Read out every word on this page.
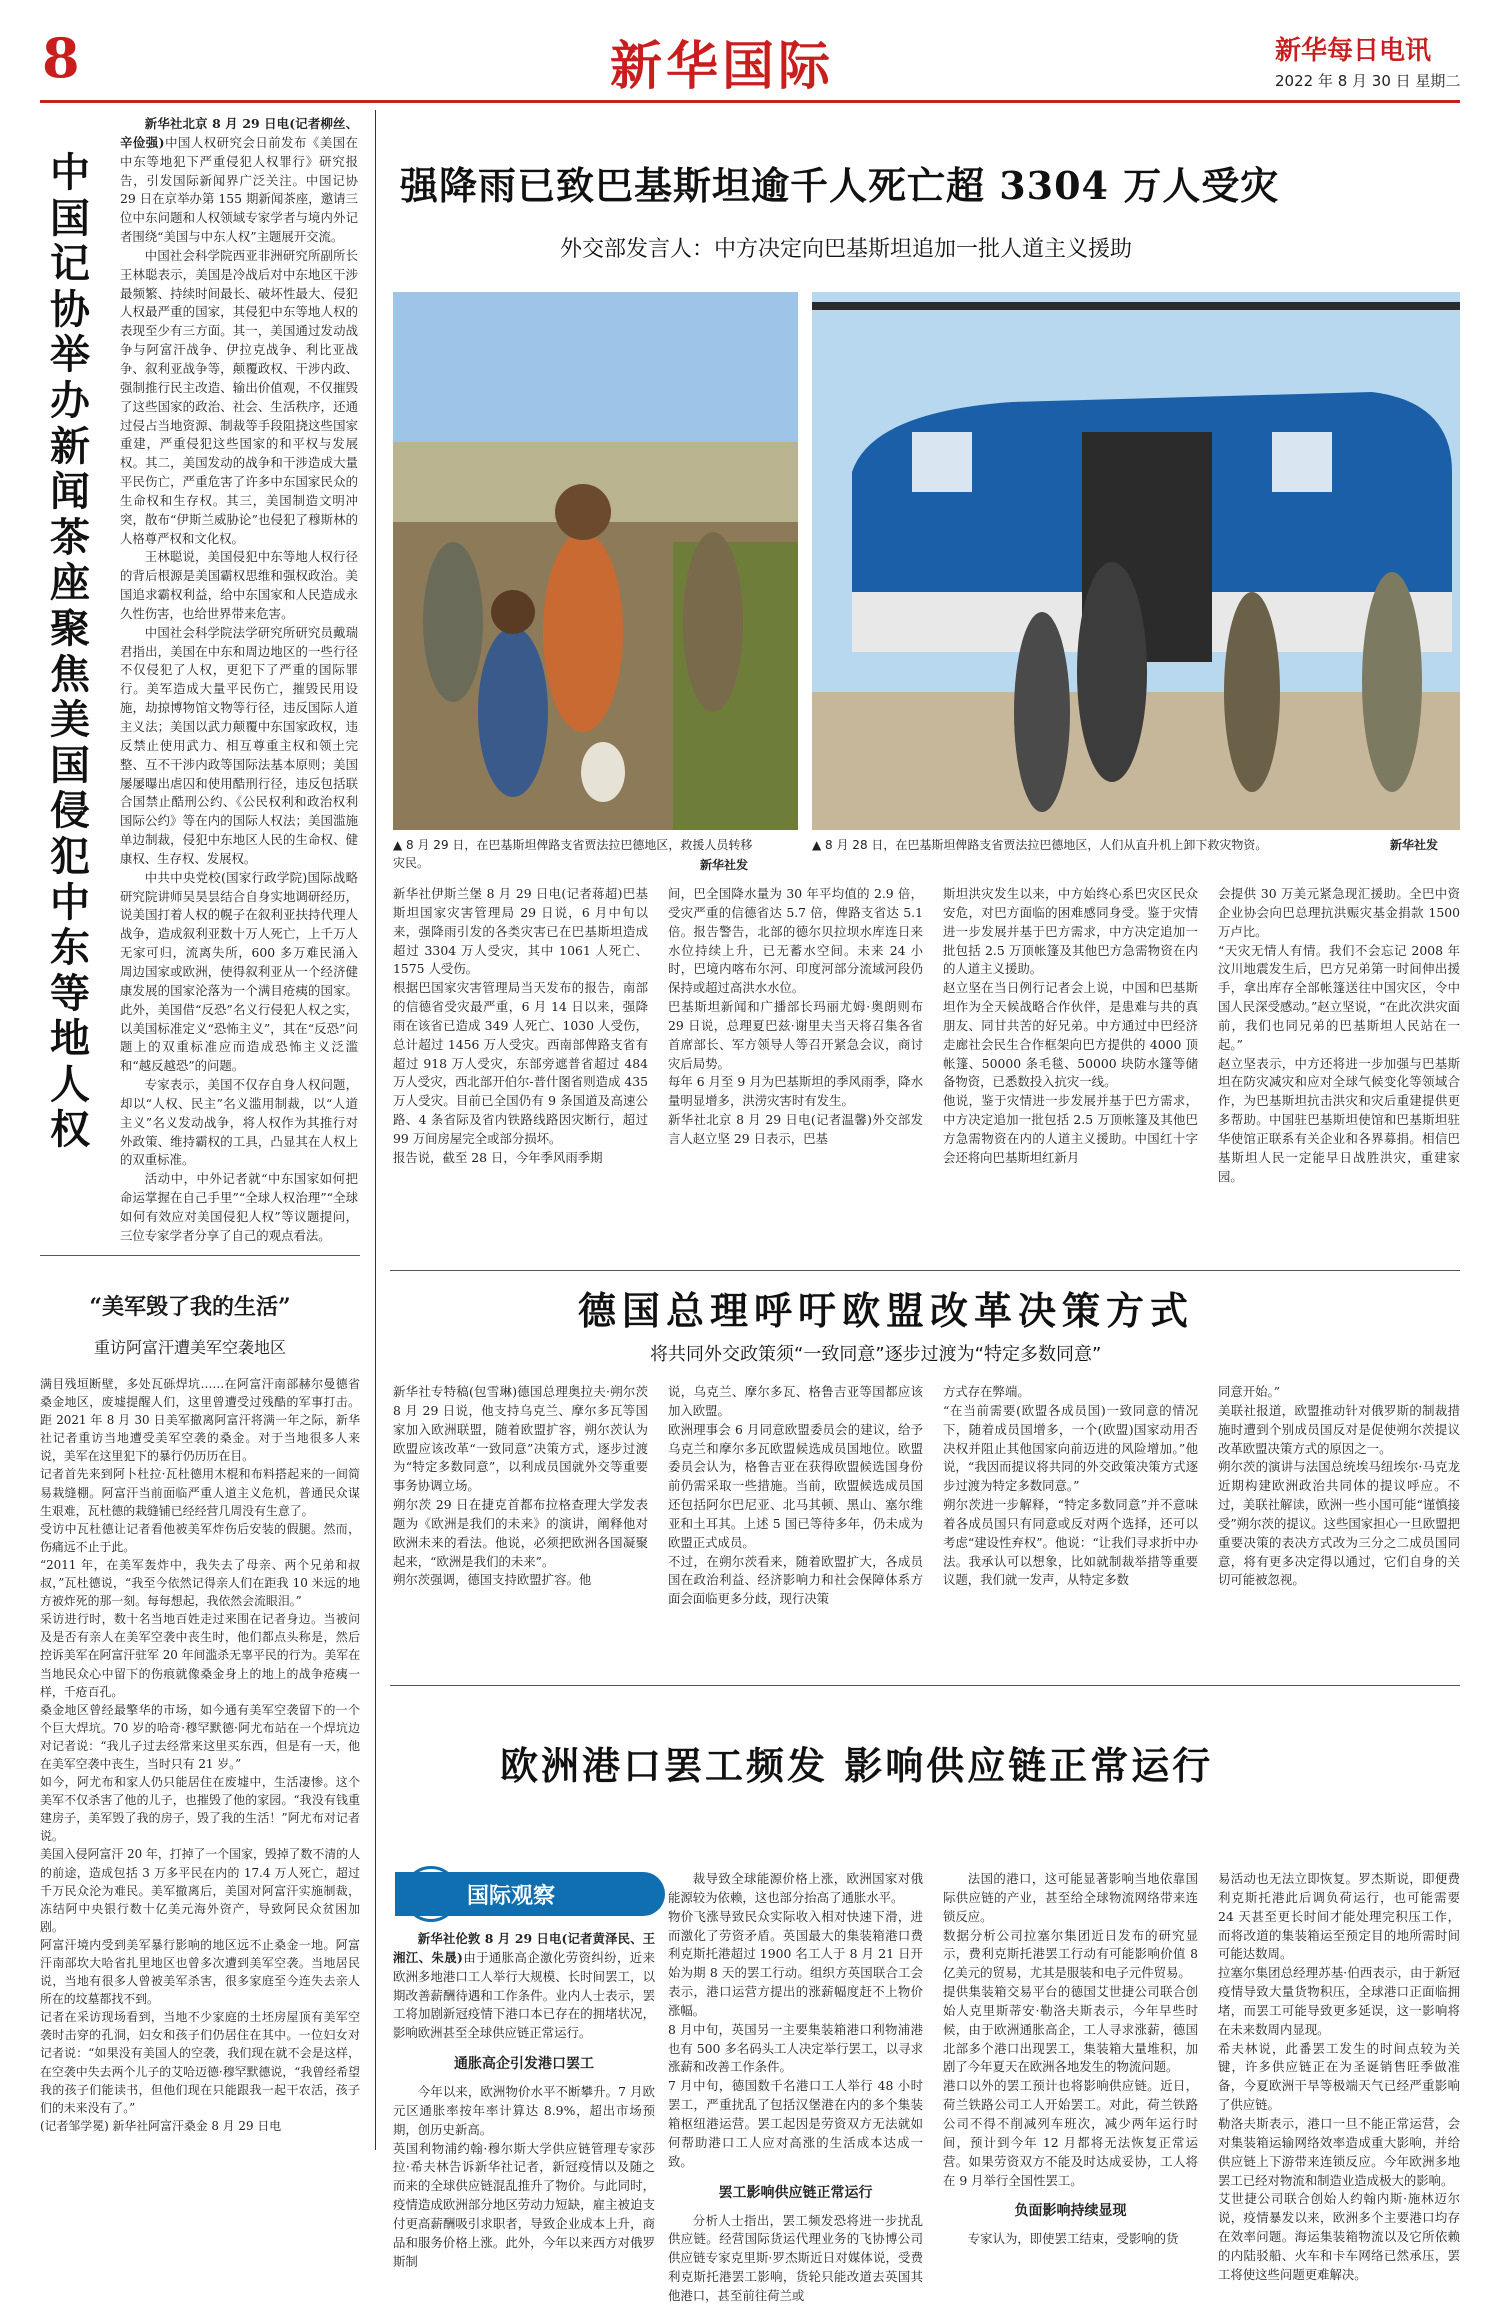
8	新华国际	新华每日电讯
2022 年 8 月 30 日 星期二
中国记协举办新闻茶座聚焦美国侵犯中东等地人权

新华社北京 8 月 29 日电(记者柳丝、辛俭强)中国人权研究会日前发布《美国在中东等地犯下严重侵犯人权罪行》研究报告，引发国际新闻界广泛关注。中国记协 29 日在京举办第 155 期新闻茶座，邀请三位中东问题和人权领域专家学者与境内外记者围绕“美国与中东人权”主题展开交流。

中国社会科学院西亚非洲研究所副所长王林聪表示，美国是冷战后对中东地区干涉最频繁、持续时间最长、破坏性最大、侵犯人权最严重的国家，其侵犯中东等地人权的表现至少有三方面。其一，美国通过发动战争与阿富汗战争、伊拉克战争、利比亚战争、叙利亚战争等，颠覆政权、干涉内政、强制推行民主改造、输出价值观，不仅摧毁了这些国家的政治、社会、生活秩序，还通过侵占当地资源、制裁等手段阻挠这些国家重建，严重侵犯这些国家的和平权与发展权。其二，美国发动的战争和干涉造成大量平民伤亡，严重危害了许多中东国家民众的生命权和生存权。其三，美国制造文明冲突，散布“伊斯兰威胁论”也侵犯了穆斯林的人格尊严权和文化权。

王林聪说，美国侵犯中东等地人权行径的背后根源是美国霸权思维和强权政治。美国追求霸权利益，给中东国家和人民造成永久性伤害，也给世界带来危害。

中国社会科学院法学研究所研究员戴瑞君指出，美国在中东和周边地区的一些行径不仅侵犯了人权，更犯下了严重的国际罪行。美军造成大量平民伤亡，摧毁民用设施，劫掠博物馆文物等行径，违反国际人道主义法；美国以武力颠覆中东国家政权，违反禁止使用武力、相互尊重主权和领土完整、互不干涉内政等国际法基本原则；美国屡屡曝出虐囚和使用酷刑行径，违反包括联合国禁止酷刑公约、《公民权利和政治权利国际公约》等在内的国际人权法；美国滥施单边制裁，侵犯中东地区人民的生命权、健康权、生存权、发展权。

中共中央党校(国家行政学院)国际战略研究院讲师吴昊昙结合自身实地调研经历，说美国打着人权的幌子在叙利亚扶持代理人战争，造成叙利亚数十万人死亡，上千万人无家可归，流离失所，600 多万难民涌入周边国家或欧洲，使得叙利亚从一个经济健康发展的国家沦落为一个满目疮痍的国家。此外，美国借“反恐”名义行侵犯人权之实，以美国标准定义“恐怖主义”，其在“反恐”问题上的双重标准应而造成恐怖主义泛滥和“越反越恐”的问题。

专家表示，美国不仅存自身人权问题，却以“人权、民主”名义滥用制裁，以“人道主义”名义发动战争，将人权作为其推行对外政策、维持霸权的工具，凸显其在人权上的双重标准。

活动中，中外记者就“中东国家如何把命运掌握在自己手里”“全球人权治理”“全球如何有效应对美国侵犯人权”等议题提问，三位专家学者分享了自己的观点看法。

强降雨已致巴基斯坦逾千人死亡超 3304 万人受灾
外交部发言人：中方决定向巴基斯坦追加一批人道主义援助
▲ 8 月 29 日，在巴基斯坦俾路支省贾法拉巴德地区，救援人员转移灾民。	新华社发
▲ 8 月 28 日，在巴基斯坦俾路支省贾法拉巴德地区，人们从直升机上卸下救灾物资。	新华社发
新华社伊斯兰堡 8 月 29 日电(记者蒋超)巴基斯坦国家灾害管理局 29 日说，6 月中旬以来，强降雨引发的各类灾害已在巴基斯坦造成超过 3304 万人受灾，其中 1061 人死亡、1575 人受伤。
根据巴国家灾害管理局当天发布的报告，南部的信德省受灾最严重，6 月 14 日以来，强降雨在该省已造成 349 人死亡、1030 人受伤，总计超过 1456 万人受灾。西南部俾路支省有超过 918 万人受灾，东部旁遮普省超过 484 万人受灾，西北部开伯尔-普什图省则造成 435 万人受灾。目前已全国仍有 9 条国道及高速公路、4 条省际及省内铁路线路因灾断行，超过 99 万间房屋完全或部分损坏。
报告说，截至 28 日，今年季风雨季期
间，巴全国降水量为 30 年平均值的 2.9 倍，受灾严重的信德省达 5.7 倍，俾路支省达 5.1 倍。报告警告，北部的德尔贝拉坝水库连日来水位持续上升，已无蓄水空间。未来 24 小时，巴境内喀布尔河、印度河部分流域河段仍保持或超过高洪水水位。
巴基斯坦新闻和广播部长玛丽尤姆·奥朗则布 29 日说，总理夏巴兹·谢里夫当天将召集各省首席部长、军方领导人等召开紧急会议，商讨灾后局势。
每年 6 月至 9 月为巴基斯坦的季风雨季，降水量明显增多，洪涝灾害时有发生。
新华社北京 8 月 29 日电(记者温馨)外交部发言人赵立坚 29 日表示，巴基
斯坦洪灾发生以来，中方始终心系巴灾区民众安危，对巴方面临的困难感同身受。鉴于灾情进一步发展并基于巴方需求，中方决定追加一批包括 2.5 万顶帐篷及其他巴方急需物资在内的人道主义援助。
赵立坚在当日例行记者会上说，中国和巴基斯坦作为全天候战略合作伙伴，是患难与共的真朋友、同甘共苦的好兄弟。中方通过中巴经济走廊社会民生合作框架向巴方提供的 4000 顶帐篷、50000 条毛毯、50000 块防水篷等储备物资，已悉数投入抗灾一线。
他说，鉴于灾情进一步发展并基于巴方需求，中方决定追加一批包括 2.5 万顶帐篷及其他巴方急需物资在内的人道主义援助。中国红十字会还将向巴基斯坦红新月
会提供 30 万美元紧急现汇援助。全巴中资企业协会向巴总理抗洪赈灾基金捐款 1500 万卢比。
“天灾无情人有情。我们不会忘记 2008 年汶川地震发生后，巴方兄弟第一时间伸出援手，拿出库存全部帐篷送往中国灾区，令中国人民深受感动。”赵立坚说，“在此次洪灾面前，我们也同兄弟的巴基斯坦人民站在一起。”
赵立坚表示，中方还将进一步加强与巴基斯坦在防灾减灾和应对全球气候变化等领域合作，为巴基斯坦抗击洪灾和灾后重建提供更多帮助。中国驻巴基斯坦使馆和巴基斯坦驻华使馆正联系有关企业和各界募捐。相信巴基斯坦人民一定能早日战胜洪灾，重建家园。
“美军毁了我的生活”
重访阿富汗遭美军空袭地区
满目残垣断壁，多处瓦砾焊坑……在阿富汗南部赫尔曼德省桑金地区，废墟提醒人们，这里曾遭受过残酷的军事打击。距 2021 年 8 月 30 日美军撤离阿富汗将满一年之际，新华社记者重访当地遭受美军空袭的桑金。对于当地很多人来说，美军在这里犯下的暴行仍历历在目。
记者首先来到阿卜杜拉·瓦杜德用木棍和布料搭起来的一间简易栽缝棚。阿富汗当前面临严重人道主义危机，普通民众谋生艰难，瓦杜德的栽缝铺已经经营几周没有生意了。
受访中瓦杜德让记者看他被美军炸伤后安装的假腿。然而，伤痛远不止于此。
“2011 年，在美军轰炸中，我失去了母亲、两个兄弟和叔叔，”瓦杜德说，“我至今依然记得亲人们在距我 10 米远的地方被炸死的那一刻。每每想起，我依然会流眼泪。”
采访进行时，数十名当地百姓走过来围在记者身边。当被问及是否有亲人在美军空袭中丧生时，他们都点头称是，然后控诉美军在阿富汗驻军 20 年间滥杀无辜平民的行为。美军在当地民众心中留下的伤痕就像桑金身上的地上的战争疮痍一样，千疮百孔。
桑金地区曾经最擎华的市场，如今通有美军空袭留下的一个个巨大焊坑。70 岁的哈奇·穆罕默德·阿尤布站在一个焊坑边对记者说：“我儿子过去经常来这里买东西，但是有一天，他在美军空袭中丧生，当时只有 21 岁。”
如今，阿尤布和家人仍只能居住在废墟中，生活凄惨。这个美军不仅杀害了他的儿子，也摧毁了他的家园。“我没有钱重建房子，美军毁了我的房子，毁了我的生活！”阿尤布对记者说。
美国入侵阿富汗 20 年，打掉了一个国家，毁掉了数不清的人的前途，造成包括 3 万多平民在内的 17.4 万人死亡，超过千万民众沦为难民。美军撤离后，美国对阿富汗实施制裁，冻结阿中央银行数十亿美元海外资产，导致阿民众贫困加剧。
阿富汗境内受到美军暴行影响的地区远不止桑金一地。阿富汗南部坎大哈省扎里地区也曾多次遭到美军空袭。当地居民说，当地有很多人曾被美军杀害，很多家庭至今连失去亲人所在的坟墓都找不到。
记者在采访现场看到，当地不少家庭的土坯房屋顶有美军空袭时击穿的孔洞，妇女和孩子们仍居住在其中。一位妇女对记者说：“如果没有美国人的空袭，我们现在就不会是这样，在空袭中失去两个儿子的艾哈迈德·穆罕默德说，“我曾经希望我的孩子们能读书，但他们现在只能跟我一起干农活，孩子们的未来没有了。”
(记者邹学冕) 新华社阿富汗桑金 8 月 29 日电
德国总理呼吁欧盟改革决策方式
将共同外交政策须“一致同意”逐步过渡为“特定多数同意”
新华社专特稿(包雪琳)德国总理奥拉夫·朔尔茨 8 月 29 日说，他支持乌克兰、摩尔多瓦等国家加入欧洲联盟，随着欧盟扩容，朔尔茨认为欧盟应该改革“一致同意”决策方式，逐步过渡为“特定多数同意”，以利成员国就外交等重要事务协调立场。
朔尔茨 29 日在捷克首都布拉格查理大学发表题为《欧洲是我们的未来》的演讲，阐释他对欧洲未来的看法。他说，必须把欧洲各国凝聚起来，“欧洲是我们的未来”。
朔尔茨强调，德国支持欧盟扩容。他
说，乌克兰、摩尔多瓦、格鲁吉亚等国都应该加入欧盟。
欧洲理事会 6 月同意欧盟委员会的建议，给予乌克兰和摩尔多瓦欧盟候选成员国地位。欧盟委员会认为，格鲁吉亚在获得欧盟候选国身份前仍需采取一些措施。当前，欧盟候选成员国还包括阿尔巴尼亚、北马其顿、黑山、塞尔维亚和土耳其。上述 5 国已等待多年，仍未成为欧盟正式成员。
不过，在朔尔茨看来，随着欧盟扩大，各成员国在政治利益、经济影响力和社会保障体系方面会面临更多分歧，现行决策
方式存在弊端。
“在当前需要(欧盟各成员国)一致同意的情况下，随着成员国增多，一个(欧盟)国家动用否决权并阻止其他国家向前迈进的风险增加。”他说，“我因而提议将共同的外交政策决策方式逐步过渡为特定多数同意。”
朔尔茨进一步解释，“特定多数同意”并不意味着各成员国只有同意或反对两个选择，还可以考虑“建设性弃权”。他说：“让我们寻求折中办法。我承认可以想象，比如就制裁举措等重要议题，我们就一发声，从特定多数
同意开始。”
美联社报道，欧盟推动针对俄罗斯的制裁措施时遭到个别成员国反对是促使朔尔茨提议改革欧盟决策方式的原因之一。
朔尔茨的演讲与法国总统埃马纽埃尔·马克龙近期构建欧洲政治共同体的提议呼应。不过，美联社解读，欧洲一些小国可能“谨慎接受”朔尔茨的提议。这些国家担心一旦欧盟把重要决策的表决方式改为三分之二成员国同意，将有更多决定得以通过，它们自身的关切可能被忽视。
欧洲港口罢工频发 影响供应链正常运行
国际观察

新华社伦敦 8 月 29 日电(记者黄泽民、王湘江、朱晟)由于通胀高企激化劳资纠纷，近来欧洲多地港口工人举行大规模、长时间罢工，以期改善薪酬待遇和工作条件。业内人士表示，罢工将加剧新冠疫情下港口本已存在的拥堵状况，影响欧洲甚至全球供应链正常运行。

通胀高企引发港口罢工

今年以来，欧洲物价水平不断攀升。7 月欧元区通胀率按年率计算达 8.9%，超出市场预期，创历史新高。
英国利物浦约翰·穆尔斯大学供应链管理专家莎拉·希夫林告诉新华社记者，新冠疫情以及随之而来的全球供应链混乱推升了物价。与此同时，疫情造成欧洲部分地区劳动力短缺，雇主被迫支付更高薪酬吸引求职者，导致企业成本上升，商品和服务价格上涨。此外，今年以来西方对俄罗斯制

裁导致全球能源价格上涨，欧洲国家对俄能源较为依赖，这也部分抬高了通胀水平。
物价飞涨导致民众实际收入相对快速下滑，进而激化了劳资矛盾。英国最大的集装箱港口费利克斯托港超过 1900 名工人于 8 月 21 日开始为期 8 天的罢工行动。组织方英国联合工会表示，港口运营方提出的涨薪幅度赶不上物价涨幅。
8 月中旬，英国另一主要集装箱港口利物浦港也有 500 多名码头工人决定举行罢工，以寻求涨薪和改善工作条件。
7 月中旬，德国数千名港口工人举行 48 小时罢工，严重扰乱了包括汉堡港在内的多个集装箱枢纽港运营。罢工起因是劳资双方无法就如何帮助港口工人应对高涨的生活成本达成一致。

罢工影响供应链正常运行

分析人士指出，罢工频发恐将进一步扰乱供应链。经营国际货运代理业务的飞协博公司供应链专家克里斯·罗杰斯近日对媒体说，受费利克斯托港罢工影响，货轮只能改道去英国其他港口，甚至前往荷兰或

法国的港口，这可能显著影响当地依靠国际供应链的产业，甚至给全球物流网络带来连锁反应。
数据分析公司拉塞尔集团近日发布的研究显示，费利克斯托港罢工行动有可能影响价值 8 亿美元的贸易，尤其是服装和电子元件贸易。
提供集装箱交易平台的德国艾世捷公司联合创始人克里斯蒂安·勒洛夫斯表示，今年早些时候，由于欧洲通胀高企，工人寻求涨薪，德国北部多个港口出现罢工，集装箱大量堆积，加剧了今年夏天在欧洲各地发生的物流问题。
港口以外的罢工预计也将影响供应链。近日，荷兰铁路公司工人开始罢工。对此，荷兰铁路公司不得不削减列车班次，减少两年运行时间，预计到今年 12 月都将无法恢复正常运营。如果劳资双方不能及时达成妥协，工人将在 9 月举行全国性罢工。

负面影响持续显现

专家认为，即使罢工结束，受影响的货

易活动也无法立即恢复。罗杰斯说，即便费利克斯托港此后调负荷运行，也可能需要 24 天甚至更长时间才能处理完积压工作，而将改道的集装箱运至预定目的地所需时间可能达数周。
拉塞尔集团总经理苏基·伯西表示，由于新冠疫情导致大量货物积压，全球港口正面临拥堵，而罢工可能导致更多延误，这一影响将在未来数周内显现。
希夫林说，此番罢工发生的时间点较为关键，许多供应链正在为圣诞销售旺季做准备，今夏欧洲干旱等极端天气已经严重影响了供应链。
勒洛夫斯表示，港口一旦不能正常运营，会对集装箱运输网络效率造成重大影响，并给供应链上下游带来连锁反应。今年欧洲多地罢工已经对物流和制造业造成极大的影响。
艾世捷公司联合创始人约翰内斯·施林迈尔说，疫情暴发以来，欧洲多个主要港口均存在效率问题。海运集装箱物流以及它所依赖的内陆驳船、火车和卡车网络已然承压，罢工将使这些问题更难解决。
